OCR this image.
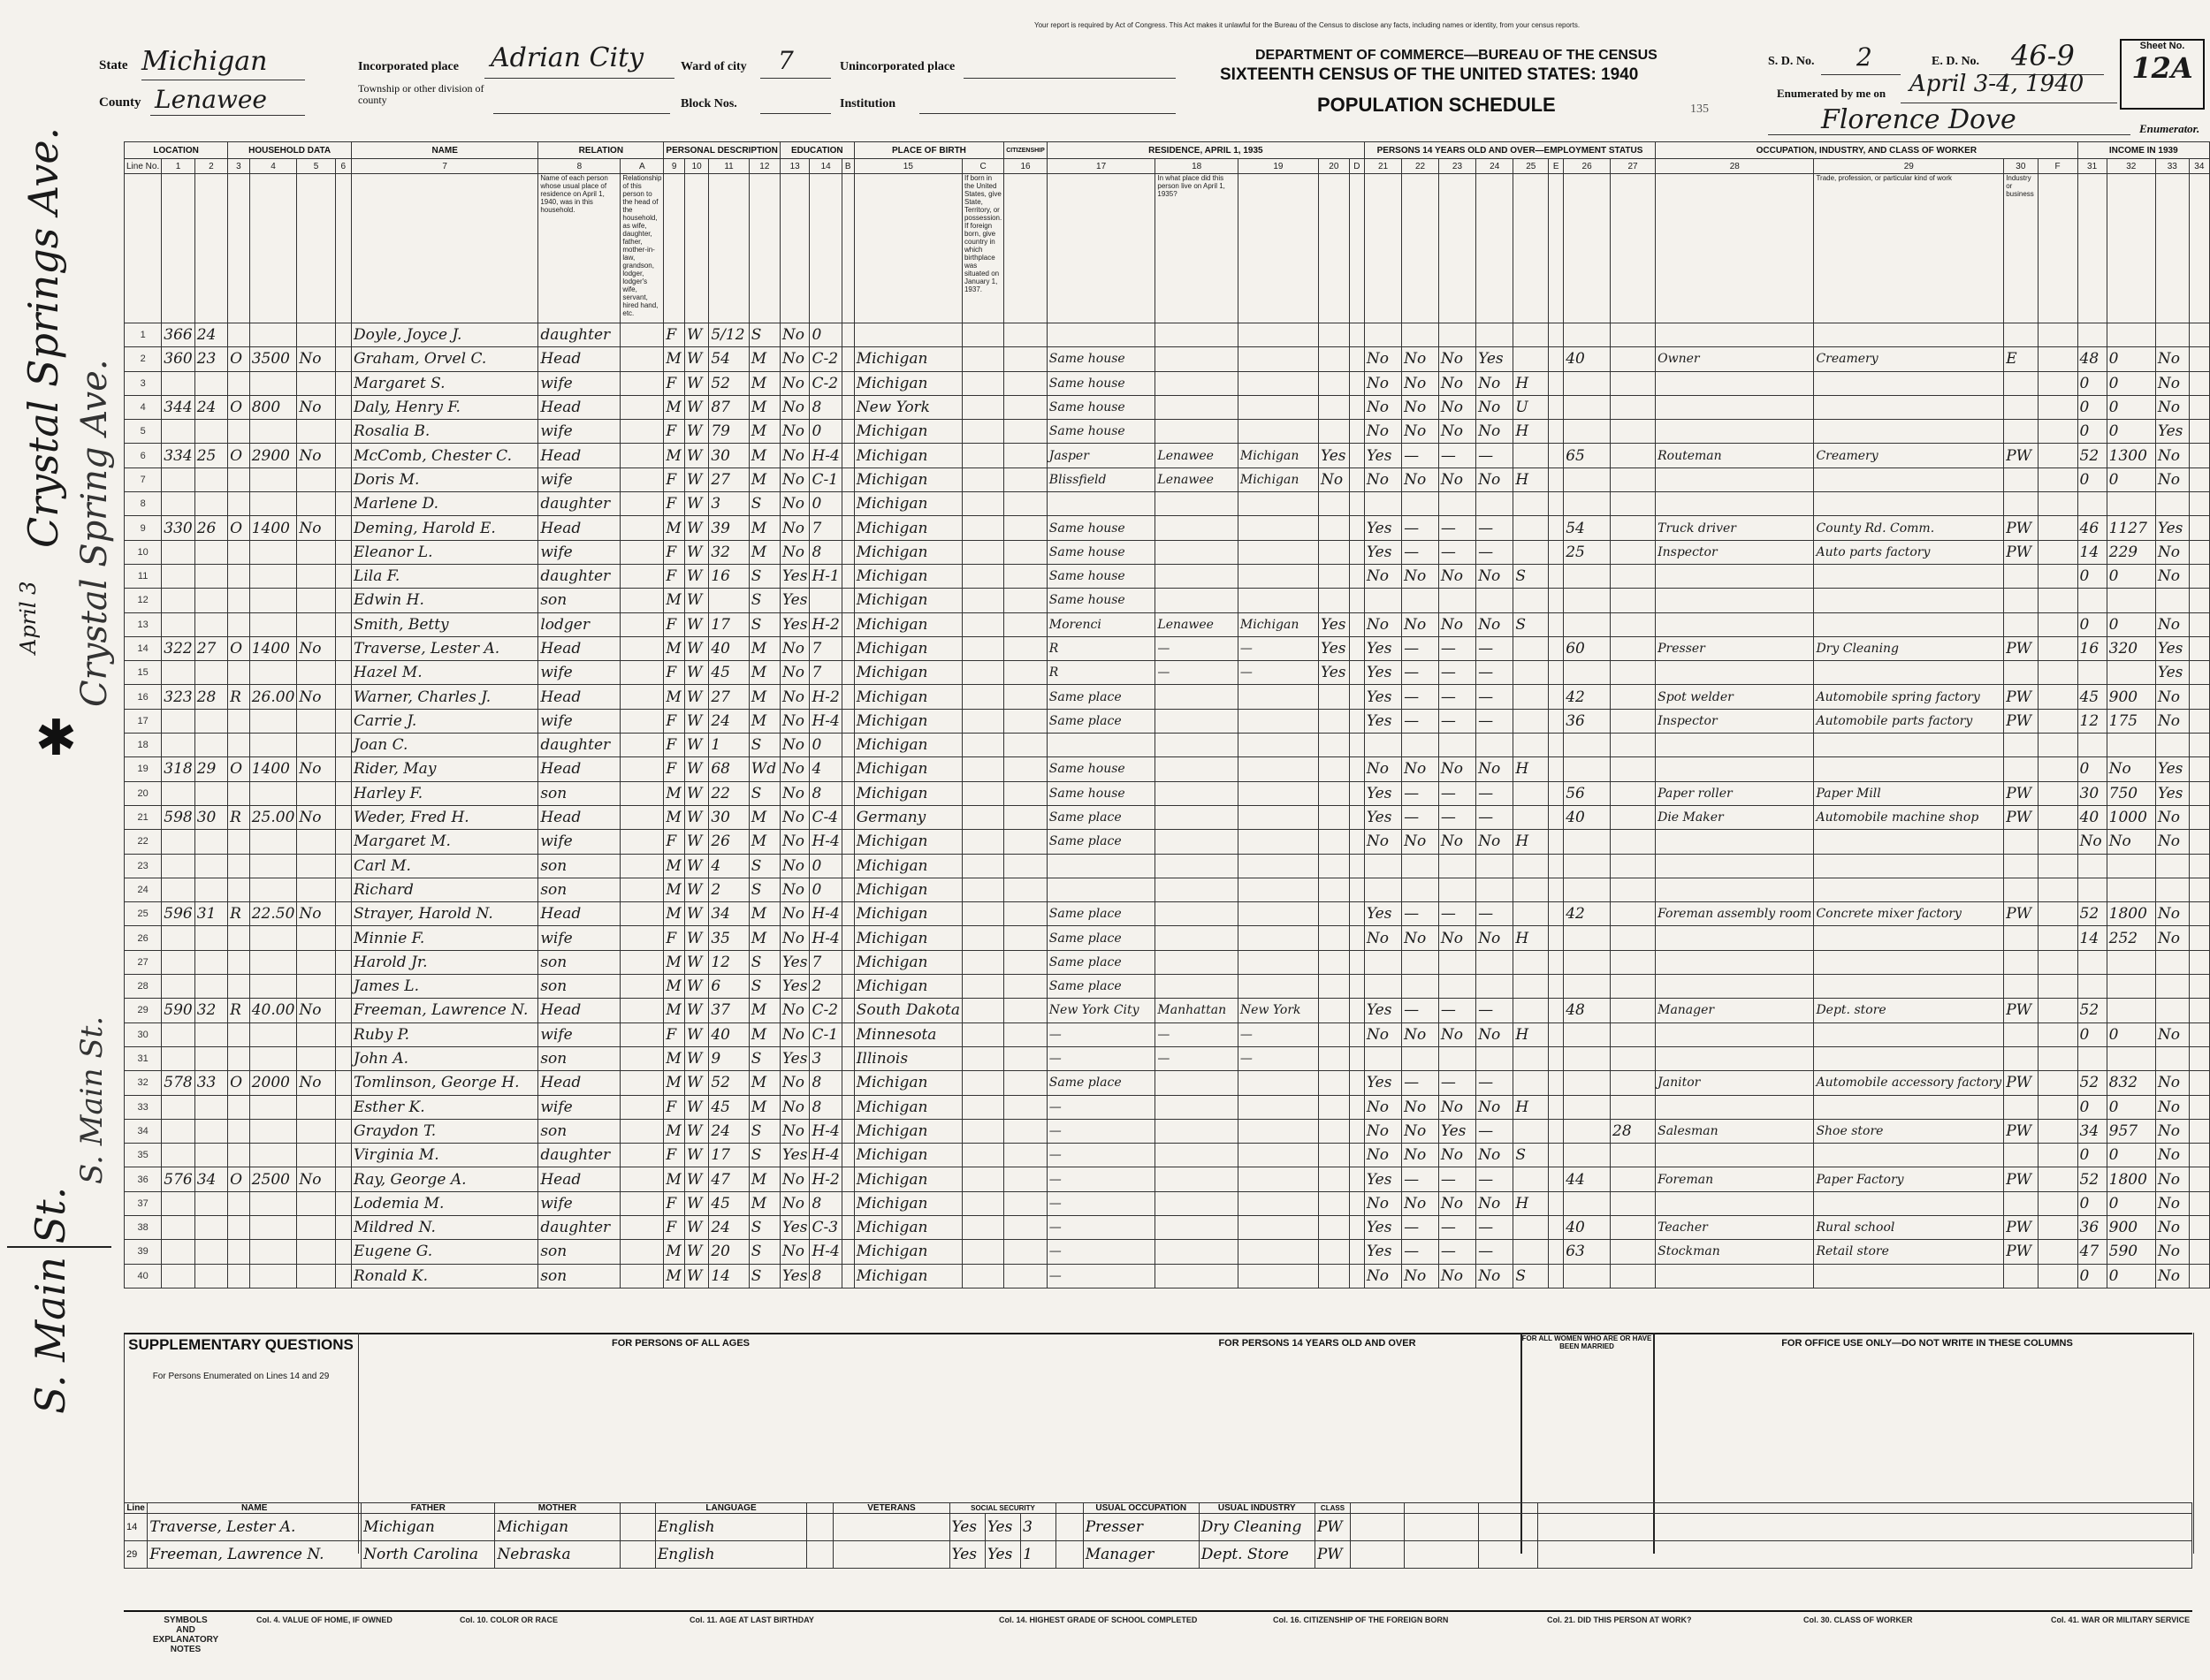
State Michigan
County Lenawee
Incorporated place Adrian City	Ward of city 7
Township or other division of county	Block Nos.
Unincorporated place
Institution
Your report is required by Act of Congress. This Act makes it unlawful for the Bureau of the Census to disclose any facts, including names or identity, from your census reports.
DEPARTMENT OF COMMERCE—BUREAU OF THE CENSUS
SIXTEENTH CENSUS OF THE UNITED STATES: 1940
POPULATION SCHEDULE	135
S. D. No. 2	E. D. No. 46-9	Sheet No.
12A
Enumerated by me on April 3-4, 1940
Florence Dove	Enumerator.
Crystal Springs Ave. Crystal Spring Ave.
April 3
S. Main St.
S. Main St.
✱
LOCATION			HOUSEHOLD DATA				NAME	RELATION		PERSONAL DESCRIPTION				EDUCATION			PLACE OF BIRTH		CITIZENSHIP	RESIDENCE, APRIL 1, 1935					PERSONS 14 YEARS OLD AND OVER—EMPLOYMENT STATUS								OCCUPATION, INDUSTRY, AND CLASS OF WORKER				INCOME IN 1939			
Line No.	1	2	3	4	5	6	7	8	A	9	10	11	12	13	14	B	15	C	16	17	18	19	20	D	21	22	23	24	25	E	26	27	28	29	30	F	31	32	33	34
								Name of each person whose usual place of residence on April 1, 1940, was in this household.	Relationship of this person to the head of the household, as wife, daughter, father, mother-in-law, grandson, lodger, lodger's wife, servant, hired hand, etc.									If born in the United States, give State, Territory, or possession. If foreign born, give country in which birthplace was situated on January 1, 1937.			In what place did this person live on April 1, 1935?													Trade, profession, or particular kind of work	Industry or business					
1	366	24					Doyle, Joyce J.	daughter		F	W	5/12	S	No	0																									
2	360	23	O	3500	No		Graham, Orvel C.	Head		M	W	54	M	No	C-2		Michigan			Same house					No	No	No	Yes			40		Owner	Creamery	E		48	0	No	
3							Margaret S.	wife		F	W	52	M	No	C-2		Michigan			Same house					No	No	No	No	H								0	0	No	
4	344	24	O	800	No		Daly, Henry F.	Head		M	W	87	M	No	8		New York			Same house					No	No	No	No	U								0	0	No	
5							Rosalia B.	wife		F	W	79	M	No	0		Michigan			Same house					No	No	No	No	H								0	0	Yes	
6	334	25	O	2900	No		McComb, Chester C.	Head		M	W	30	M	No	H-4		Michigan			Jasper	Lenawee	Michigan	Yes		Yes	—	—	—			65		Routeman	Creamery	PW		52	1300	No	
7							Doris M.	wife		F	W	27	M	No	C-1		Michigan			Blissfield	Lenawee	Michigan	No		No	No	No	No	H								0	0	No	
8							Marlene D.	daughter		F	W	3	S	No	0		Michigan																							
9	330	26	O	1400	No		Deming, Harold E.	Head		M	W	39	M	No	7		Michigan			Same house					Yes	—	—	—			54		Truck driver	County Rd. Comm.	PW		46	1127	Yes	
10							Eleanor L.	wife		F	W	32	M	No	8		Michigan			Same house					Yes	—	—	—			25		Inspector	Auto parts factory	PW		14	229	No	
11							Lila F.	daughter		F	W	16	S	Yes	H-1		Michigan			Same house					No	No	No	No	S								0	0	No	
12							Edwin H.	son		M	W		S	Yes			Michigan			Same house																				
13							Smith, Betty	lodger		F	W	17	S	Yes	H-2		Michigan			Morenci	Lenawee	Michigan	Yes		No	No	No	No	S								0	0	No	
14	322	27	O	1400	No		Traverse, Lester A.	Head		M	W	40	M	No	7		Michigan			R	—	—	Yes		Yes	—	—	—			60		Presser	Dry Cleaning	PW		16	320	Yes	
15							Hazel M.	wife		F	W	45	M	No	7		Michigan			R	—	—	Yes		Yes	—	—	—											Yes	
16	323	28	R	26.00	No		Warner, Charles J.	Head		M	W	27	M	No	H-2		Michigan			Same place					Yes	—	—	—			42		Spot welder	Automobile spring factory	PW		45	900	No	
17							Carrie J.	wife		F	W	24	M	No	H-4		Michigan			Same place					Yes	—	—	—			36		Inspector	Automobile parts factory	PW		12	175	No	
18							Joan C.	daughter		F	W	1	S	No	0		Michigan																							
19	318	29	O	1400	No		Rider, May	Head		F	W	68	Wd	No	4		Michigan			Same house					No	No	No	No	H								0	No	Yes	
20							Harley F.	son		M	W	22	S	No	8		Michigan			Same house					Yes	—	—	—			56		Paper roller	Paper Mill	PW		30	750	Yes	
21	598	30	R	25.00	No		Weder, Fred H.	Head		M	W	30	M	No	C-4		Germany			Same place					Yes	—	—	—			40		Die Maker	Automobile machine shop	PW		40	1000	No	
22							Margaret M.	wife		F	W	26	M	No	H-4		Michigan			Same place					No	No	No	No	H								No	No	No	
23							Carl M.	son		M	W	4	S	No	0		Michigan																							
24							Richard	son		M	W	2	S	No	0		Michigan																							
25	596	31	R	22.50	No		Strayer, Harold N.	Head		M	W	34	M	No	H-4		Michigan			Same place					Yes	—	—	—			42		Foreman assembly room	Concrete mixer factory	PW		52	1800	No	
26							Minnie F.	wife		F	W	35	M	No	H-4		Michigan			Same place					No	No	No	No	H								14	252	No	
27							Harold Jr.	son		M	W	12	S	Yes	7		Michigan			Same place																				
28							James L.	son		M	W	6	S	Yes	2		Michigan			Same place																				
29	590	32	R	40.00	No		Freeman, Lawrence N.	Head		M	W	37	M	No	C-2		South Dakota			New York City	Manhattan	New York			Yes	—	—	—			48		Manager	Dept. store	PW		52			
30							Ruby P.	wife		F	W	40	M	No	C-1		Minnesota			—	—	—			No	No	No	No	H								0	0	No	
31							John A.	son		M	W	9	S	Yes	3		Illinois			—	—	—																		
32	578	33	O	2000	No		Tomlinson, George H.	Head		M	W	52	M	No	8		Michigan			Same place					Yes	—	—	—					Janitor	Automobile accessory factory	PW		52	832	No	
33							Esther K.	wife		F	W	45	M	No	8		Michigan			—					No	No	No	No	H								0	0	No	
34							Graydon T.	son		M	W	24	S	No	H-4		Michigan			—					No	No	Yes	—				28	Salesman	Shoe store	PW		34	957	No	
35							Virginia M.	daughter		F	W	17	S	Yes	H-4		Michigan			—					No	No	No	No	S								0	0	No	
36	576	34	O	2500	No		Ray, George A.	Head		M	W	47	M	No	H-2		Michigan			—					Yes	—	—	—			44		Foreman	Paper Factory	PW		52	1800	No	
37							Lodemia M.	wife		F	W	45	M	No	8		Michigan			—					No	No	No	No	H								0	0	No	
38							Mildred N.	daughter		F	W	24	S	Yes	C-3		Michigan			—					Yes	—	—	—			40		Teacher	Rural school	PW		36	900	No	
39							Eugene G.	son		M	W	20	S	No	H-4		Michigan			—					Yes	—	—	—			63		Stockman	Retail store	PW		47	590	No	
40							Ronald K.	son		M	W	14	S	Yes	8		Michigan			—					No	No	No	No	S								0	0	No	
SUPPLEMENTARY QUESTIONS
For Persons Enumerated on Lines 14 and 29
FOR PERSONS OF ALL AGES	FOR PERSONS 14 YEARS OLD AND OVER	FOR ALL WOMEN WHO ARE OR HAVE BEEN MARRIED	FOR OFFICE USE ONLY—DO NOT WRITE IN THESE COLUMNS
Line	NAME	FATHER	MOTHER		LANGUAGE		VETERANS	SOCIAL SECURITY				USUAL OCCUPATION	USUAL INDUSTRY	CLASS				
14	Traverse, Lester A.	Michigan	Michigan		English			Yes	Yes	3		Presser	Dry Cleaning	PW				
29	Freeman, Lawrence N.	North Carolina	Nebraska		English			Yes	Yes	1		Manager	Dept. Store	PW				
SYMBOLS
AND
EXPLANATORY
NOTES
Col. 4. VALUE OF HOME, IF OWNED	Col. 10. COLOR OR RACE	Col. 11. AGE AT LAST BIRTHDAY	Col. 14. HIGHEST GRADE OF SCHOOL COMPLETED	Col. 16. CITIZENSHIP OF THE FOREIGN BORN	Col. 21. DID THIS PERSON AT WORK?	Col. 30. CLASS OF WORKER	Col. 41. WAR OR MILITARY SERVICE
